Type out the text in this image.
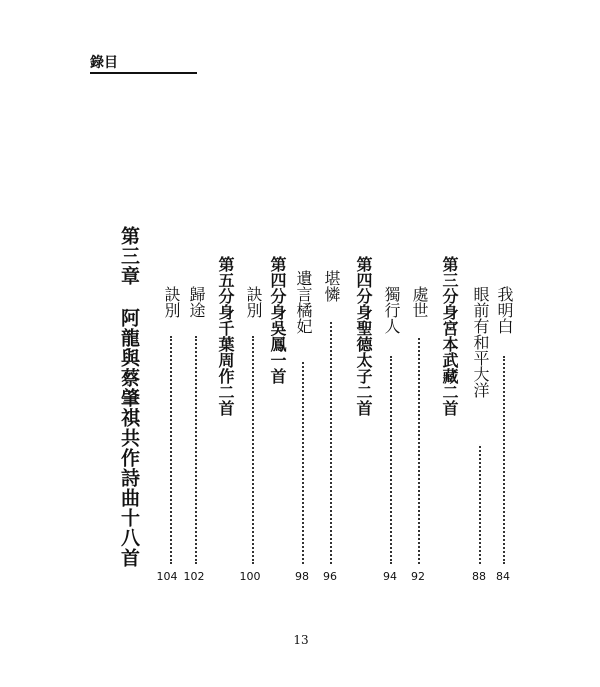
錄目
第三章阿龍與蔡肇祺共作詩曲十八首	我明白
84
眼前有和平大洋
88
第三分身宮本武藏二首
處世
92
獨行人
94
第四分身聖德太子二首
堪憐
96
遺言橘妃
98
第四分身吳鳳一首
訣別
100
第五分身千葉周作二首
歸途
102
訣別
104
13
